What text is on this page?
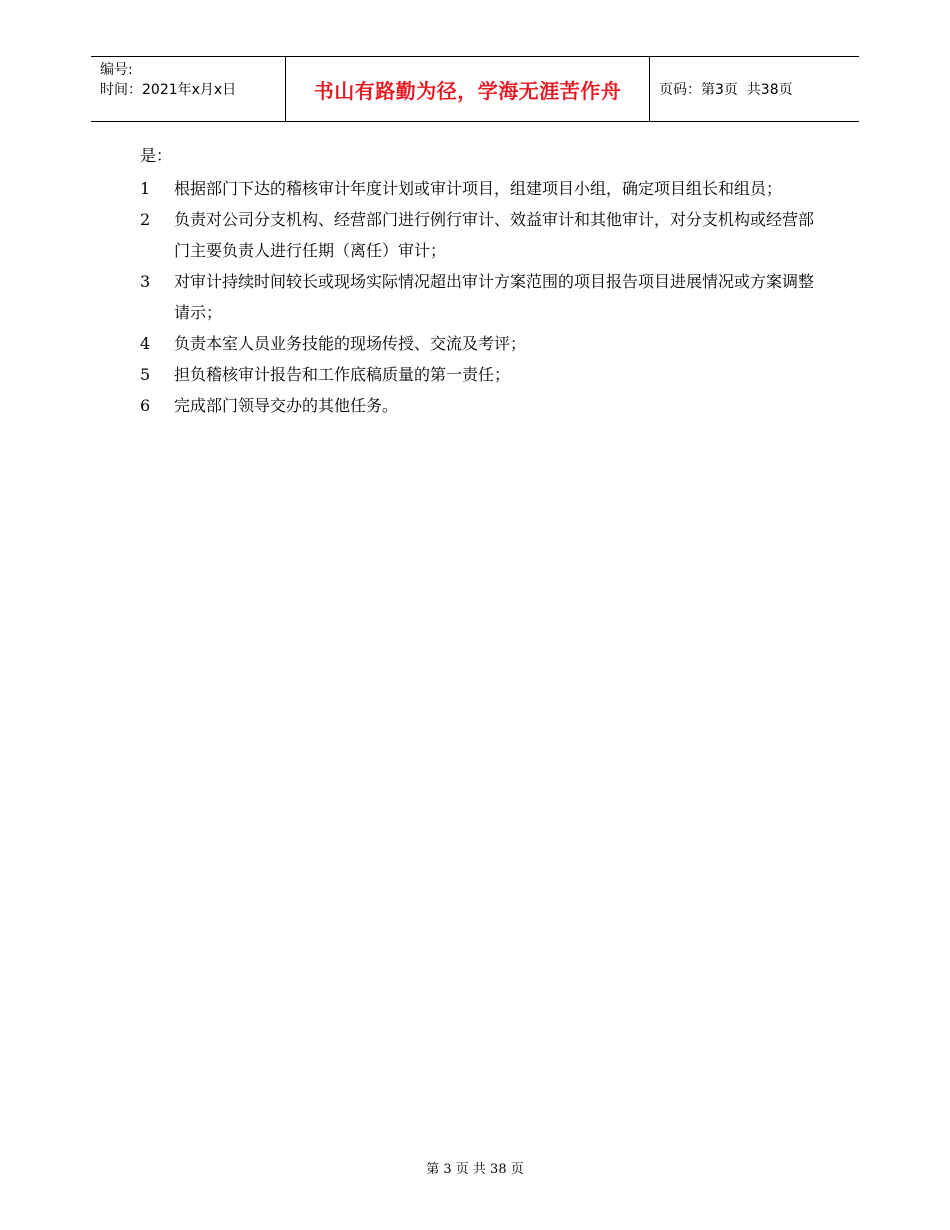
编号:
时间：2021年x月x日	书山有路勤为径，学海无涯苦作舟	页码：第3页  共38页
是：
1	根据部门下达的稽核审计年度计划或审计项目，组建项目小组，确定项目组长和组员；
2	负责对公司分支机构、经营部门进行例行审计、效益审计和其他审计，对分支机构或经营部门主要负责人进行任期（离任）审计；
3	对审计持续时间较长或现场实际情况超出审计方案范围的项目报告项目进展情况或方案调整请示；
4	负责本室人员业务技能的现场传授、交流及考评；
5	担负稽核审计报告和工作底稿质量的第一责任；
6	完成部门领导交办的其他任务。
第 3 页 共 38 页
